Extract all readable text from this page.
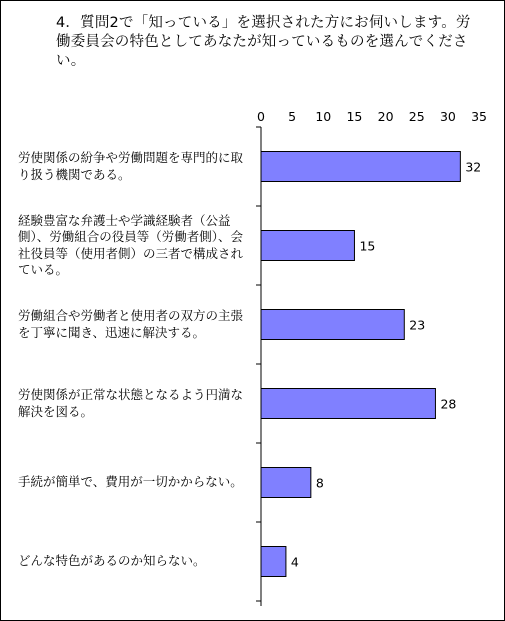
4．質問2で「知っている」を選択された方にお伺いします。労働委員会の特色としてあなたが知っているものを選んでください。
労使関係の紛争や労働問題を専門的に取り扱う機関である。
経験豊富な弁護士や学識経験者（公益側）、労働組合の役員等（労働者側）、会社役員等（使用者側）の三者で構成されている。
労働組合や労働者と使用者の双方の主張を丁寧に聞き、迅速に解決する。
労使関係が正常な状態となるよう円満な解決を図る。
手続が簡単で、費用が一切かからない。
どんな特色があるのか知らない。
0 5 10 15 20 25 30 35
32
15
23
28
8
4
